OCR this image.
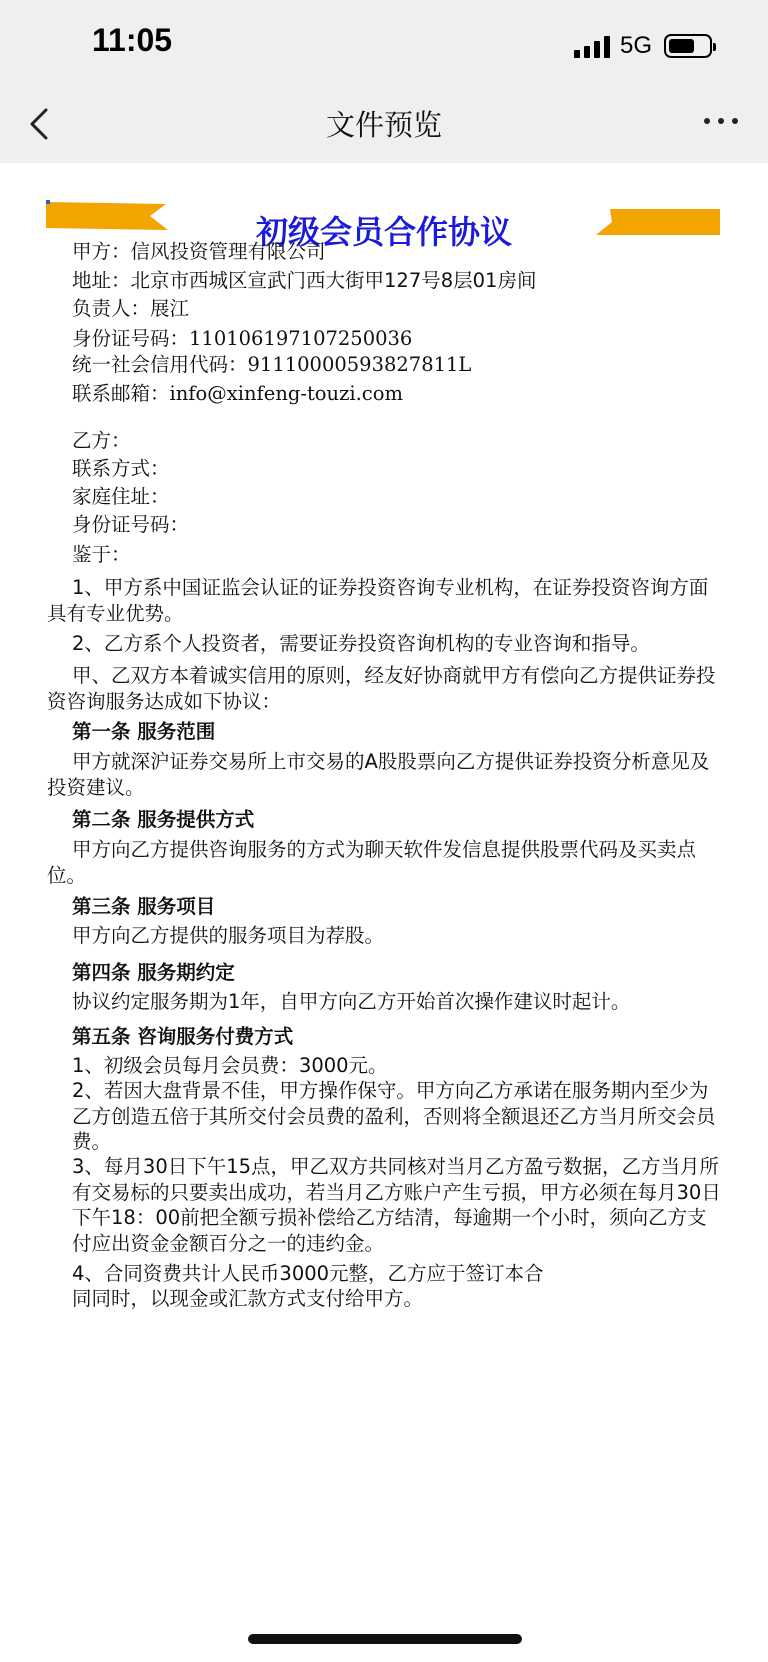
11:05	5G
文件预览
初级会员合作协议
甲方：信风投资管理有限公司
地址：北京市西城区宣武门西大街甲127号8层01房间
负责人：展江
身份证号码：110106197107250036
统一社会信用代码：91110000593827811L
联系邮箱：info@xinfeng-touzi.com
乙方：
联系方式：
家庭住址：
身份证号码：
鉴于：
1、甲方系中国证监会认证的证券投资咨询专业机构，在证券投资咨询方面具有专业优势。
2、乙方系个人投资者，需要证券投资咨询机构的专业咨询和指导。
甲、乙双方本着诚实信用的原则，经友好协商就甲方有偿向乙方提供证券投资咨询服务达成如下协议：
第一条 服务范围
甲方就深沪证券交易所上市交易的A股股票向乙方提供证券投资分析意见及投资建议。
第二条 服务提供方式
甲方向乙方提供咨询服务的方式为聊天软件发信息提供股票代码及买卖点位。
第三条 服务项目
甲方向乙方提供的服务项目为荐股。
第四条 服务期约定
协议约定服务期为1年，自甲方向乙方开始首次操作建议时起计。
第五条 咨询服务付费方式
1、初级会员每月会员费：3000元。
2、若因大盘背景不佳，甲方操作保守。甲方向乙方承诺在服务期内至少为乙方创造五倍于其所交付会员费的盈利，否则将全额退还乙方当月所交会员费。
3、每月30日下午15点，甲乙双方共同核对当月乙方盈亏数据，乙方当月所有交易标的只要卖出成功，若当月乙方账户产生亏损，甲方必须在每月30日下午18：00前把全额亏损补偿给乙方结清，每逾期一个小时，须向乙方支付应出资金金额百分之一的违约金。
4、合同资费共计人民币3000元整，乙方应于签订本合
同同时，以现金或汇款方式支付给甲方。
